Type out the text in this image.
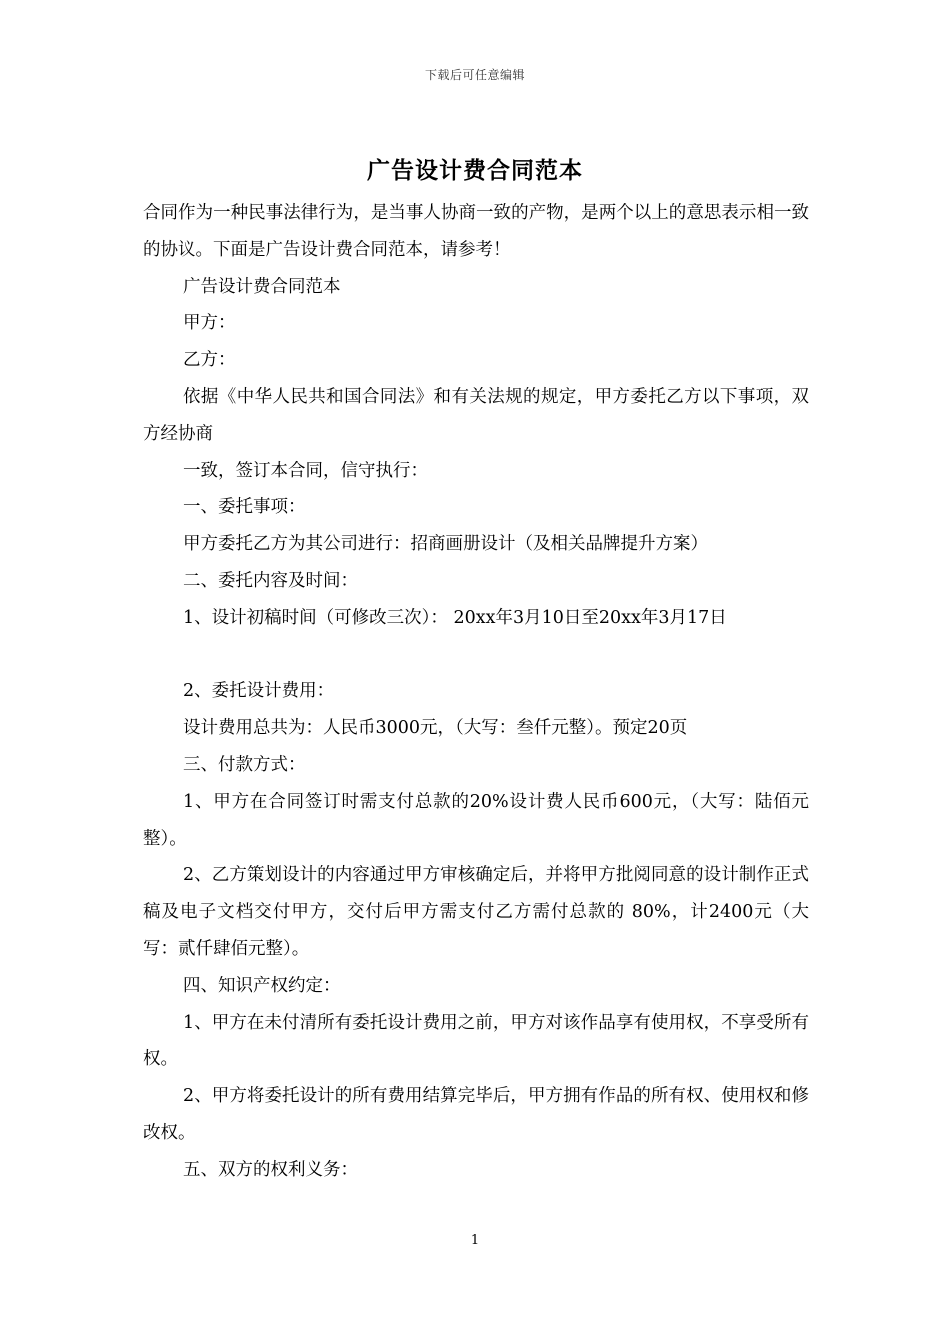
下载后可任意编辑
广告设计费合同范本

合同作为一种民事法律行为，是当事人协商一致的产物，是两个以上的意思表示相一致的协议。下面是广告设计费合同范本，请参考！

广告设计费合同范本

甲方：

乙方：

依据《中华人民共和国合同法》和有关法规的规定，甲方委托乙方以下事项，双方经协商

一致，签订本合同，信守执行：

一、委托事项：

甲方委托乙方为其公司进行：招商画册设计（及相关品牌提升方案）

二、委托内容及时间：

1、设计初稿时间（可修改三次）： 20xx年3月10日至20xx年3月17日

2、委托设计费用：

设计费用总共为：人民币3000元，（大写：叁仟元整）。预定20页

三、付款方式：

1、甲方在合同签订时需支付总款的20%设计费人民币600元，（大写：陆佰元整）。

2、乙方策划设计的内容通过甲方审核确定后，并将甲方批阅同意的设计制作正式稿及电子文档交付甲方，交付后甲方需支付乙方需付总款的 80%，计2400元（大写：贰仟肆佰元整）。

四、知识产权约定：

1、甲方在未付清所有委托设计费用之前，甲方对该作品享有使用权，不享受所有权。

2、甲方将委托设计的所有费用结算完毕后，甲方拥有作品的所有权、使用权和修改权。

五、双方的权利义务：

1
